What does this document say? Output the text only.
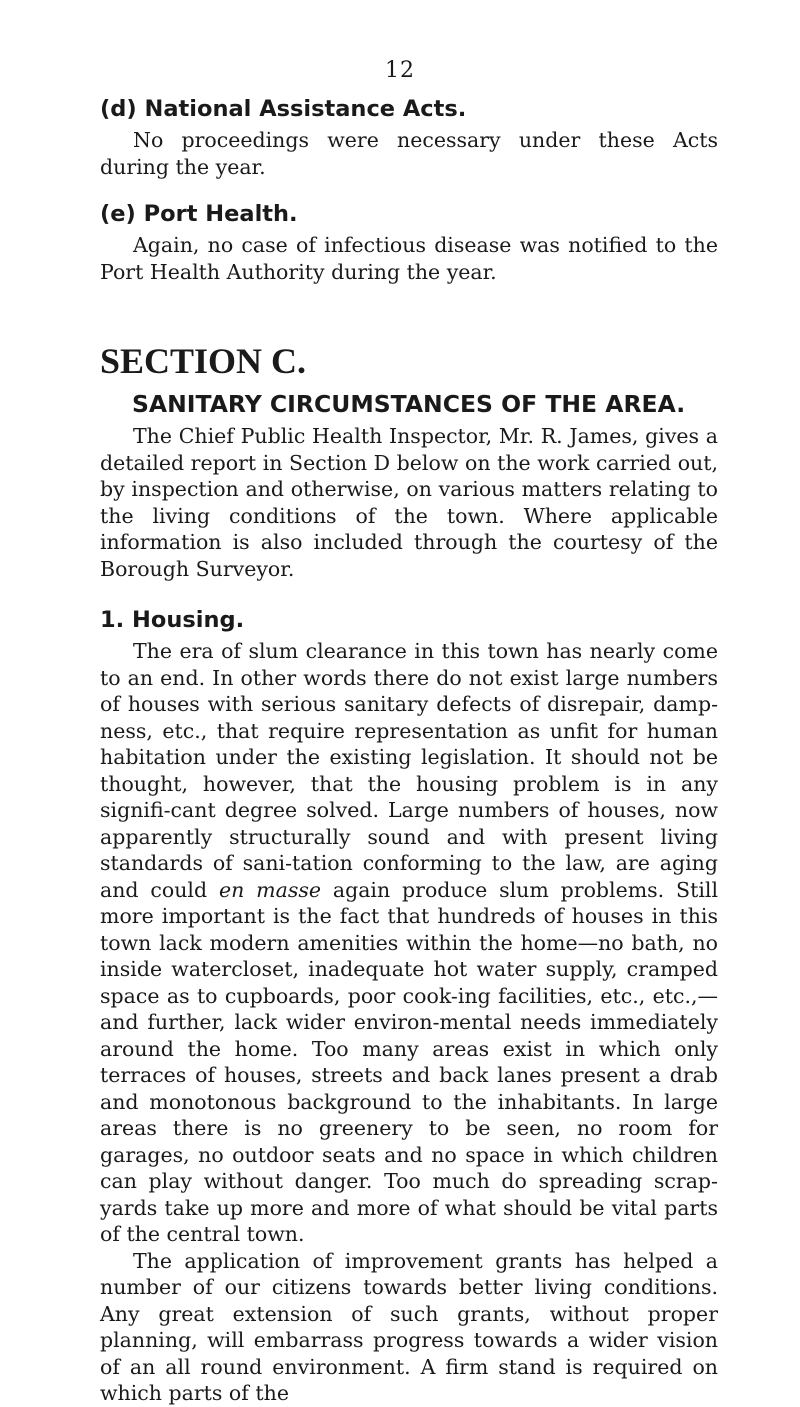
12
(d) National Assistance Acts.

No proceedings were necessary under these Acts during the year.

(e) Port Health.

Again, no case of infectious disease was notified to the Port Health Authority during the year.

SECTION C.
SANITARY CIRCUMSTANCES OF THE AREA.

The Chief Public Health Inspector, Mr. R. James, gives a detailed report in Section D below on the work carried out, by inspection and otherwise, on various matters relating to the living conditions of the town. Where applicable information is also included through the courtesy of the Borough Surveyor.

1. Housing.

The era of slum clearance in this town has nearly come to an end. In other words there do not exist large numbers of houses with serious sanitary defects of disrepair, damp-ness, etc., that require representation as unfit for human habitation under the existing legislation. It should not be thought, however, that the housing problem is in any signifi-cant degree solved. Large numbers of houses, now apparently structurally sound and with present living standards of sani-tation conforming to the law, are aging and could en masse again produce slum problems. Still more important is the fact that hundreds of houses in this town lack modern amenities within the home—no bath, no inside watercloset, inadequate hot water supply, cramped space as to cupboards, poor cook-ing facilities, etc., etc.,—and further, lack wider environ-mental needs immediately around the home. Too many areas exist in which only terraces of houses, streets and back lanes present a drab and monotonous background to the inhabitants. In large areas there is no greenery to be seen, no room for garages, no outdoor seats and no space in which children can play without danger. Too much do spreading scrap-yards take up more and more of what should be vital parts of the central town.

The application of improvement grants has helped a number of our citizens towards better living conditions. Any great extension of such grants, without proper planning, will embarrass progress towards a wider vision of an all round environment. A firm stand is required on which parts of the
